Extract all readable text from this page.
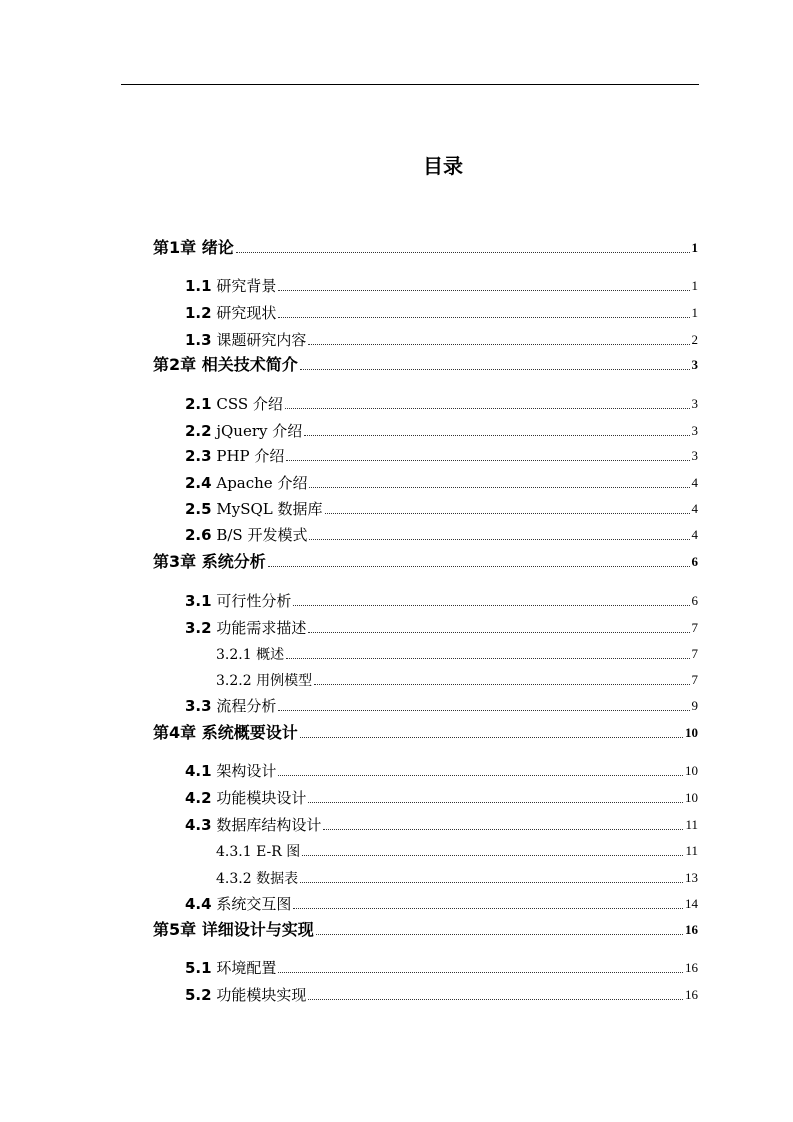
目录
第1章 绪论	1
1.1 研究背景	1
1.2 研究现状	1
1.3 课题研究内容	2
第2章 相关技术简介	3
2.1 CSS 介绍	3
2.2 jQuery 介绍	3
2.3 PHP 介绍	3
2.4 Apache 介绍	4
2.5 MySQL 数据库	4
2.6 B/S 开发模式	4
第3章 系统分析	6
3.1 可行性分析	6
3.2 功能需求描述	7
3.2.1 概述	7
3.2.2 用例模型	7
3.3 流程分析	9
第4章 系统概要设计	10
4.1 架构设计	10
4.2 功能模块设计	10
4.3 数据库结构设计	11
4.3.1 E-R 图	11
4.3.2 数据表	13
4.4 系统交互图	14
第5章 详细设计与实现	16
5.1 环境配置	16
5.2 功能模块实现	16
